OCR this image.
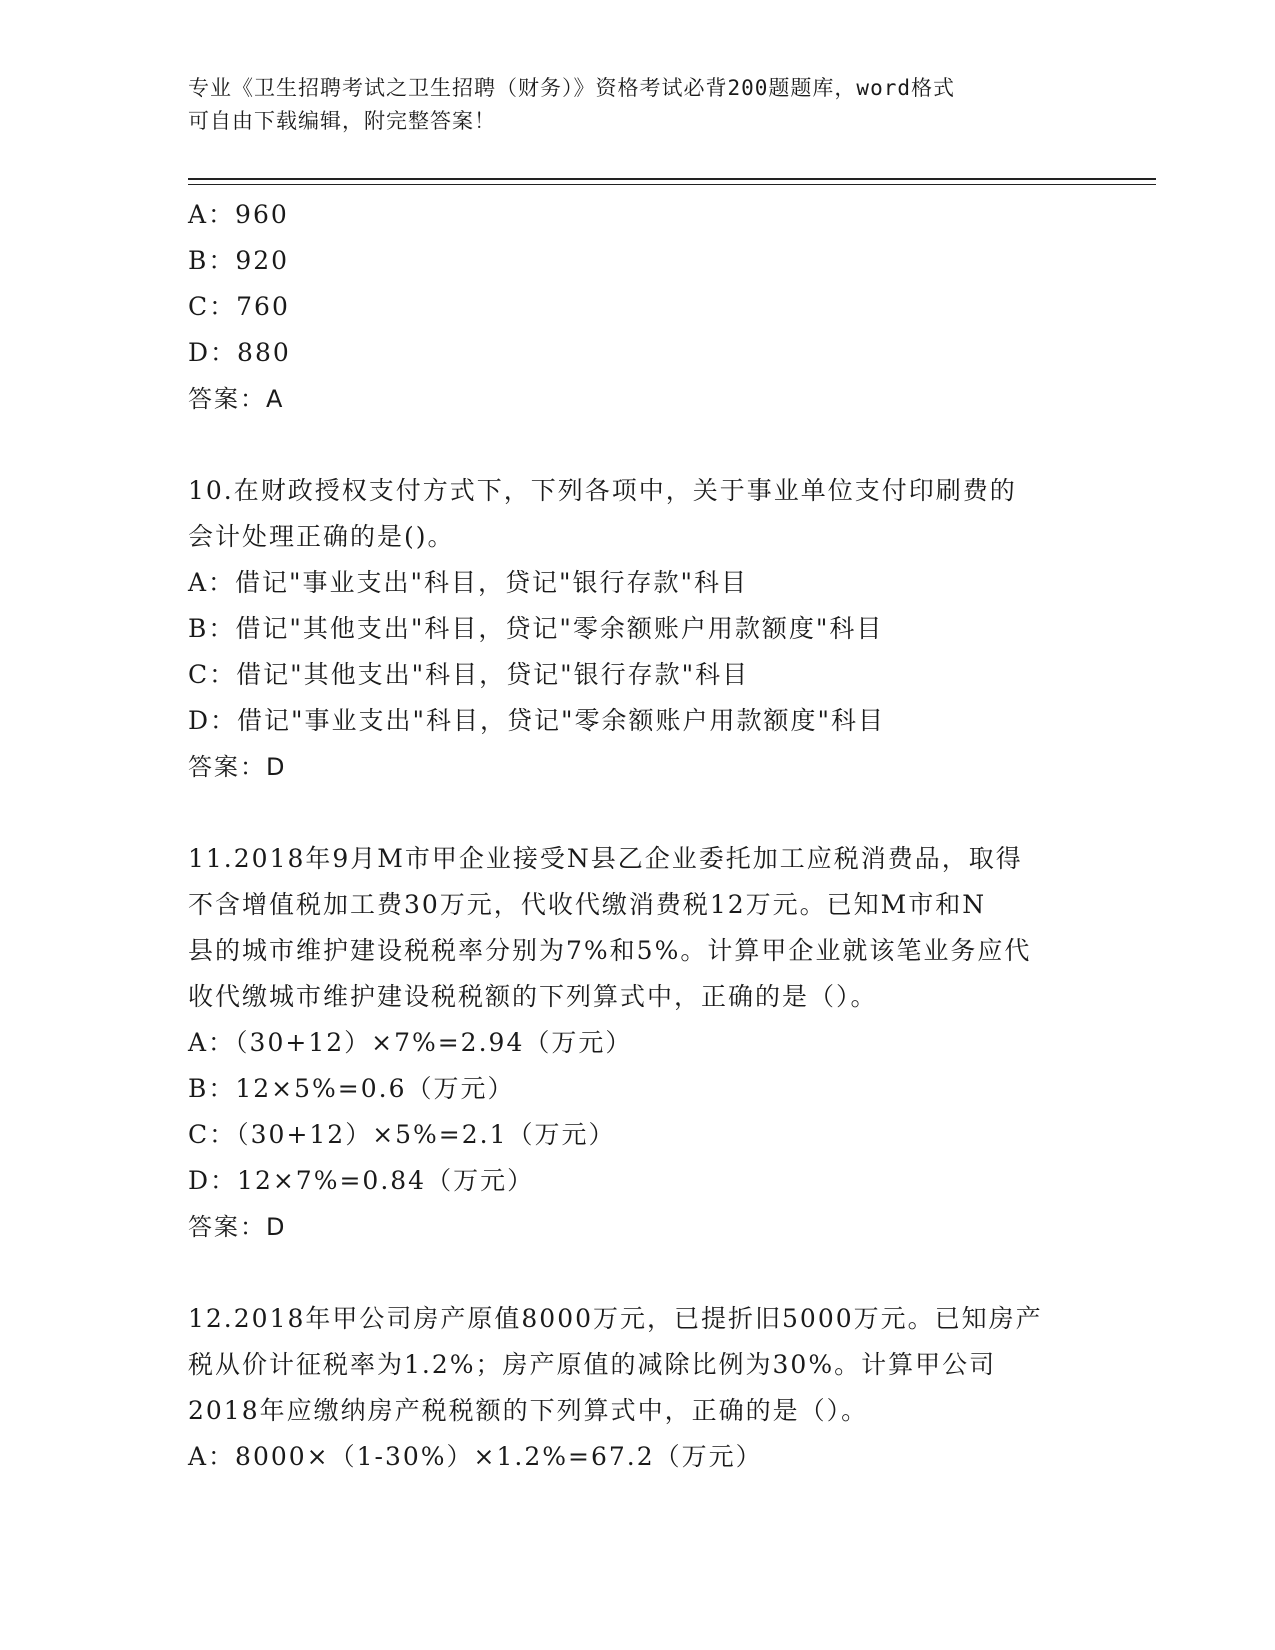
专业《卫生招聘考试之卫生招聘（财务）》资格考试必背200题题库，word格式
可自由下载编辑，附完整答案！
A：960
B：920
C：760
D：880
答案：A
10.在财政授权支付方式下，下列各项中，关于事业单位支付印刷费的
会计处理正确的是()。
A：借记"事业支出"科目，贷记"银行存款"科目
B：借记"其他支出"科目，贷记"零余额账户用款额度"科目
C：借记"其他支出"科目，贷记"银行存款"科目
D：借记"事业支出"科目，贷记"零余额账户用款额度"科目
答案：D
11.2018年9月M市甲企业接受N县乙企业委托加工应税消费品，取得
不含增值税加工费30万元，代收代缴消费税12万元。已知M市和N
县的城市维护建设税税率分别为7%和5%。计算甲企业就该笔业务应代
收代缴城市维护建设税税额的下列算式中，正确的是（）。
A：（30+12）×7%=2.94（万元）
B：12×5%=0.6（万元）
C：（30+12）×5%=2.1（万元）
D：12×7%=0.84（万元）
答案：D
12.2018年甲公司房产原值8000万元，已提折旧5000万元。已知房产
税从价计征税率为1.2%；房产原值的减除比例为30%。计算甲公司
2018年应缴纳房产税税额的下列算式中，正确的是（）。
A：8000×（1-30%）×1.2%=67.2（万元）
